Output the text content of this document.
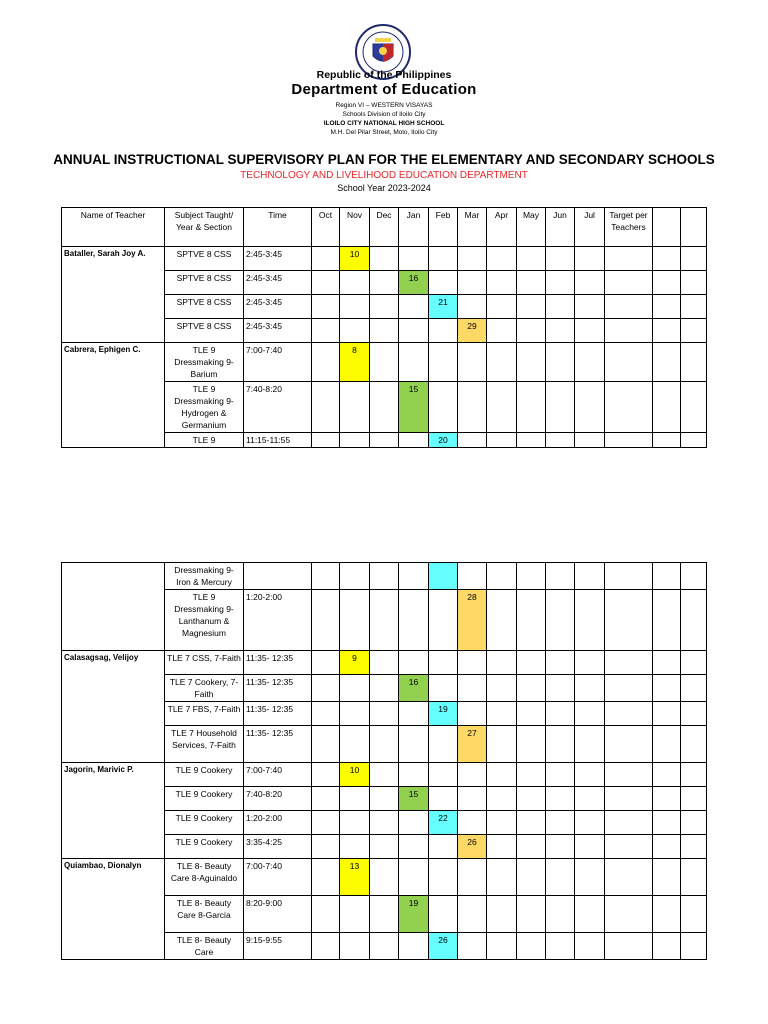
Republic of the Philippines
Department of Education
Region VI – WESTERN VISAYAS
Schools Division of Iloilo City
ILOILO CITY NATIONAL HIGH SCHOOL
M.H. Del Pilar Street, Molo, Iloilo City
ANNUAL INSTRUCTIONAL SUPERVISORY PLAN FOR THE ELEMENTARY AND SECONDARY SCHOOLS
TECHNOLOGY AND LIVELIHOOD EDUCATION DEPARTMENT
School Year 2023-2024
Name of Teacher	Subject Taught/ Year & Section	Time	Oct	Nov	Dec	Jan	Feb	Mar	Apr	May	Jun	Jul	Target per Teachers		
Bataller, Sarah Joy A.	SPTVE 8 CSS	2:45-3:45		10											
	SPTVE 8 CSS	2:45-3:45				16									
	SPTVE 8 CSS	2:45-3:45					21								
	SPTVE 8 CSS	2:45-3:45						29							
Cabrera, Ephigen C.	TLE 9 Dressmaking 9-Barium	7:00-7:40		8											
	TLE 9 Dressmaking 9- Hydrogen & Germanium	7:40-8:20				15									
	TLE 9	11:15-11:55					20								
	Dressmaking 9- Iron & Mercury														
	TLE 9 Dressmaking 9- Lanthanum & Magnesium	1:20-2:00						28							
Calasagsag, Velijoy	TLE 7 CSS, 7-Faith	11:35- 12:35		9											
	TLE 7 Cookery, 7-Faith	11:35- 12:35				16									
	TLE 7 FBS, 7-Faith	11:35- 12:35					19								
	TLE 7 Household Services, 7-Faith	11:35- 12:35						27							
Jagorin, Marivic P.	TLE 9 Cookery	7:00-7:40		10											
	TLE 9 Cookery	7:40-8:20				15									
	TLE 9 Cookery	1:20-2:00					22								
	TLE 9 Cookery	3:35-4:25						26							
Quiambao, Dionalyn	TLE 8- Beauty Care 8-Aguinaldo	7:00-7:40		13											
	TLE 8- Beauty Care 8-Garcia	8:20-9:00				19									
	TLE 8- Beauty Care	9:15-9:55					26								
